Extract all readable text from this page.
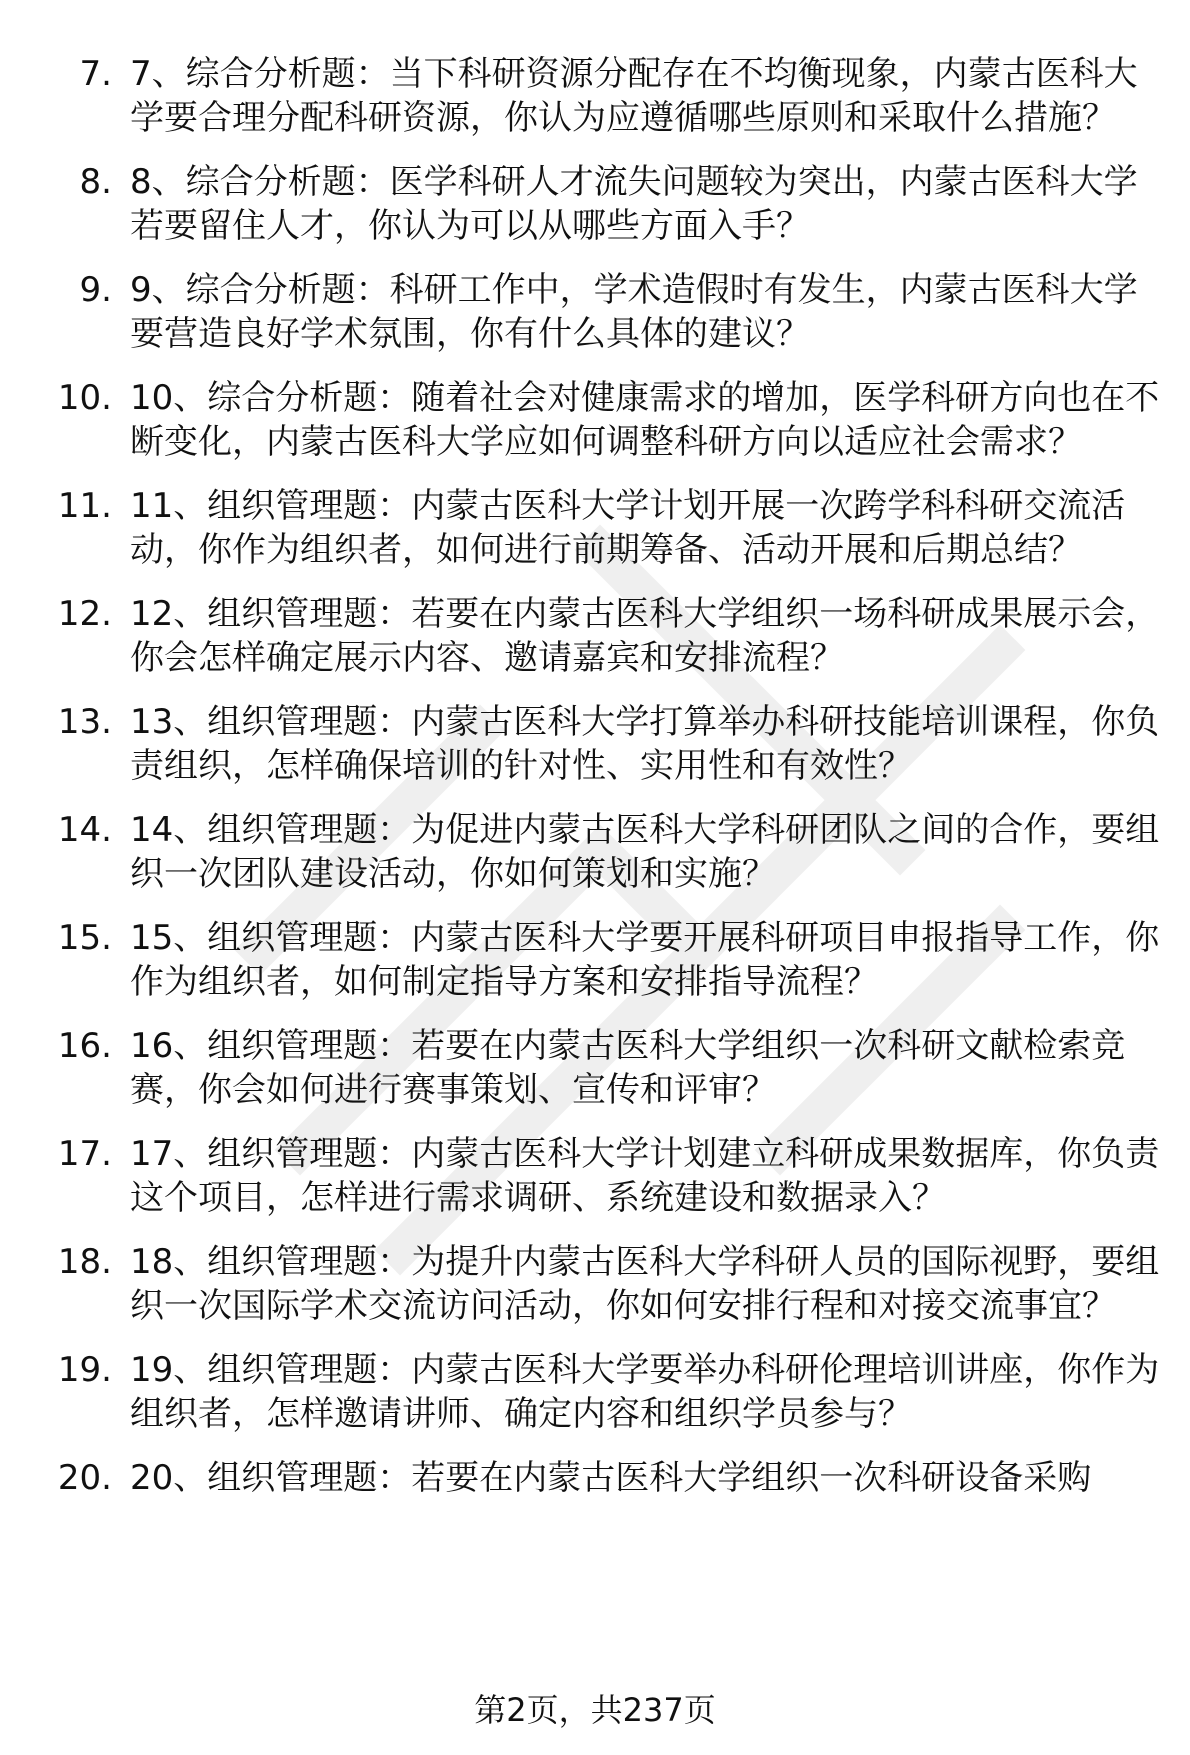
7. 7、综合分析题：当下科研资源分配存在不均衡现象，内蒙古医科大学要合理分配科研资源，你认为应遵循哪些原则和采取什么措施？
8. 8、综合分析题：医学科研人才流失问题较为突出，内蒙古医科大学若要留住人才，你认为可以从哪些方面入手？
9. 9、综合分析题：科研工作中，学术造假时有发生，内蒙古医科大学要营造良好学术氛围，你有什么具体的建议？
10. 10、综合分析题：随着社会对健康需求的增加，医学科研方向也在不断变化，内蒙古医科大学应如何调整科研方向以适应社会需求？
11. 11、组织管理题：内蒙古医科大学计划开展一次跨学科科研交流活动，你作为组织者，如何进行前期筹备、活动开展和后期总结？
12. 12、组织管理题：若要在内蒙古医科大学组织一场科研成果展示会，你会怎样确定展示内容、邀请嘉宾和安排流程？
13. 13、组织管理题：内蒙古医科大学打算举办科研技能培训课程，你负责组织，怎样确保培训的针对性、实用性和有效性？
14. 14、组织管理题：为促进内蒙古医科大学科研团队之间的合作，要组织一次团队建设活动，你如何策划和实施？
15. 15、组织管理题：内蒙古医科大学要开展科研项目申报指导工作，你作为组织者，如何制定指导方案和安排指导流程？
16. 16、组织管理题：若要在内蒙古医科大学组织一次科研文献检索竞赛，你会如何进行赛事策划、宣传和评审？
17. 17、组织管理题：内蒙古医科大学计划建立科研成果数据库，你负责这个项目，怎样进行需求调研、系统建设和数据录入？
18. 18、组织管理题：为提升内蒙古医科大学科研人员的国际视野，要组织一次国际学术交流访问活动，你如何安排行程和对接交流事宜？
19. 19、组织管理题：内蒙古医科大学要举办科研伦理培训讲座，你作为组织者，怎样邀请讲师、确定内容和组织学员参与？
20. 20、组织管理题：若要在内蒙古医科大学组织一次科研设备采购
第2页，共237页
